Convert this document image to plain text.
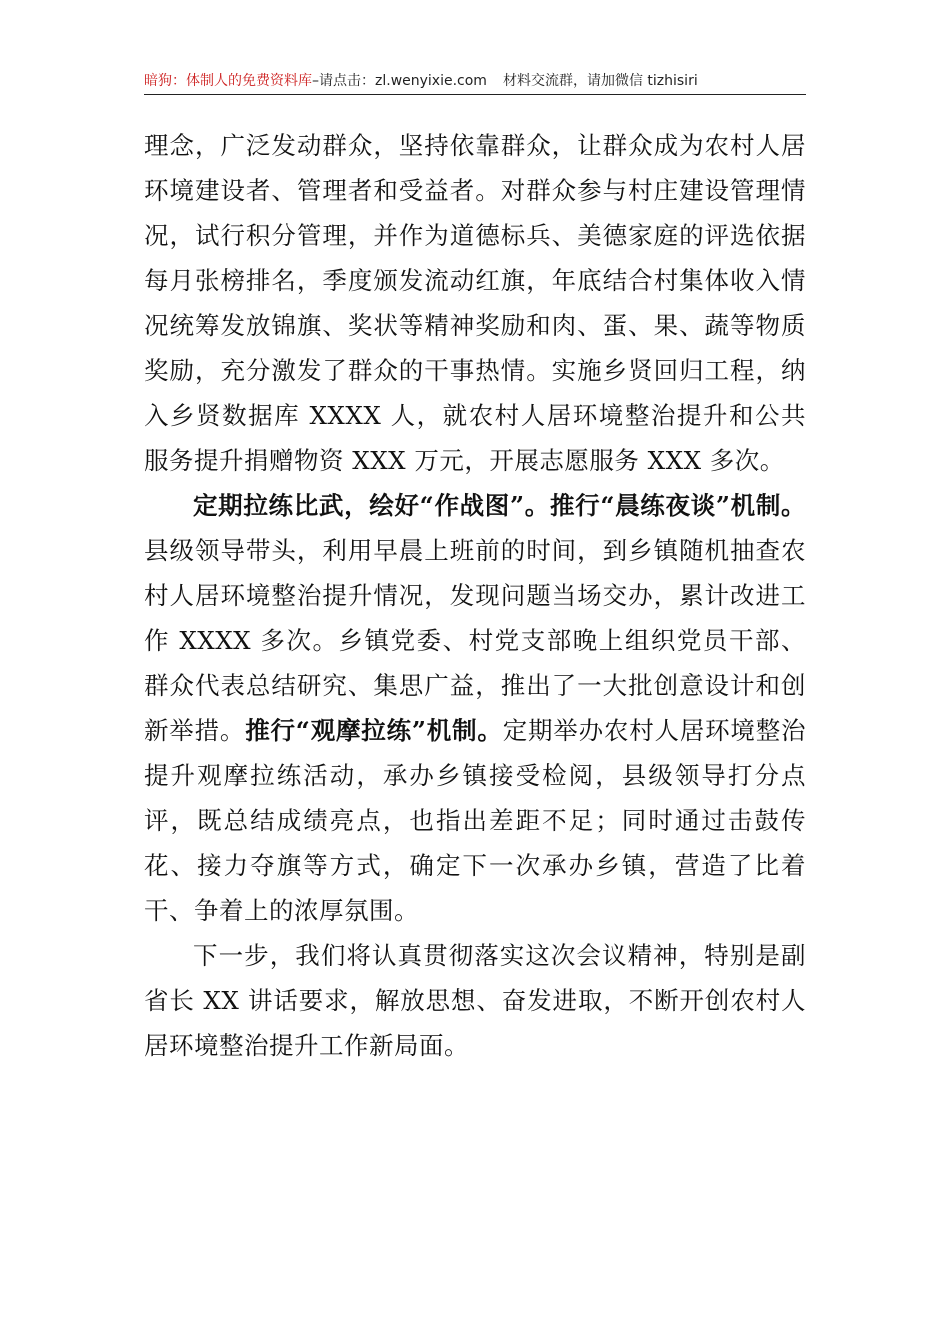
暗狗：体制人的免费资料库–请点击：zl.wenyixie.com 材料交流群，请加微信 tizhisiri

理念，广泛发动群众，坚持依靠群众，让群众成为农村人居环境建设者、管理者和受益者。对群众参与村庄建设管理情况，试行积分管理，并作为道德标兵、美德家庭的评选依据每月张榜排名，季度颁发流动红旗，年底结合村集体收入情况统筹发放锦旗、奖状等精神奖励和肉、蛋、果、蔬等物质奖励，充分激发了群众的干事热情。实施乡贤回归工程，纳入乡贤数据库 XXXX 人，就农村人居环境整治提升和公共服务提升捐赠物资 XXX 万元，开展志愿服务 XXX 多次。

定期拉练比武，绘好“作战图”。推行“晨练夜谈”机制。县级领导带头，利用早晨上班前的时间，到乡镇随机抽查农村人居环境整治提升情况，发现问题当场交办，累计改进工作 XXXX 多次。乡镇党委、村党支部晚上组织党员干部、群众代表总结研究、集思广益，推出了一大批创意设计和创新举措。推行“观摩拉练”机制。定期举办农村人居环境整治提升观摩拉练活动，承办乡镇接受检阅，县级领导打分点评，既总结成绩亮点，也指出差距不足；同时通过击鼓传花、接力夺旗等方式，确定下一次承办乡镇，营造了比着干、争着上的浓厚氛围。

下一步，我们将认真贯彻落实这次会议精神，特别是副省长 XX 讲话要求，解放思想、奋发进取，不断开创农村人居环境整治提升工作新局面。
